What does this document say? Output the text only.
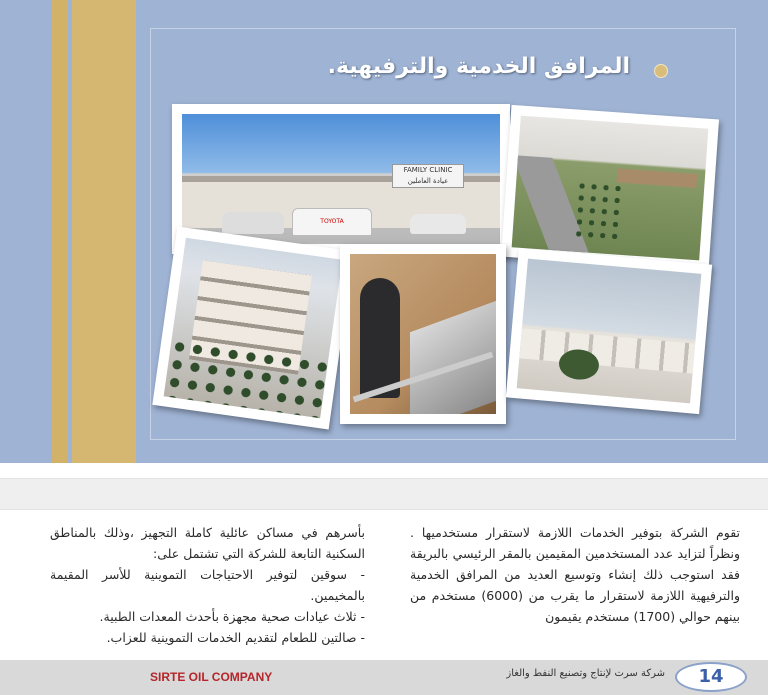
المرافق الخدمية والترفيهية.
FAMILY CLINIC
عيادة العاملين
TOYOTA

تقوم الشركة بتوفير الخدمات اللازمة لاستقرار مستخدميها . ونظراً لتزايد عدد المستخدمين المقيمين بالمقر الرئيسي بالبريقة فقد استوجب ذلك إنشاء وتوسيع العديد من المرافق الخدمية والترفيهية اللازمة لاستقرار ما يقرب من (6000) مستخدم من بينهم حوالي (1700) مستخدم يقيمون

بأسرهم في مساكن عائلية كاملة التجهيز ،وذلك بالمناطق السكنية التابعة للشركة التي تشتمل على:

- سوقين لتوفير الاحتياجات التموينية للأسر المقيمة بالمخيمين.

- ثلاث عيادات صحية مجهزة بأحدث المعدات الطبية.

- صالتين للطعام لتقديم الخدمات التموينية للعزاب.

SIRTE OIL COMPANY	شركة سرت لإنتاج وتصنيع النفط والغاز	14
